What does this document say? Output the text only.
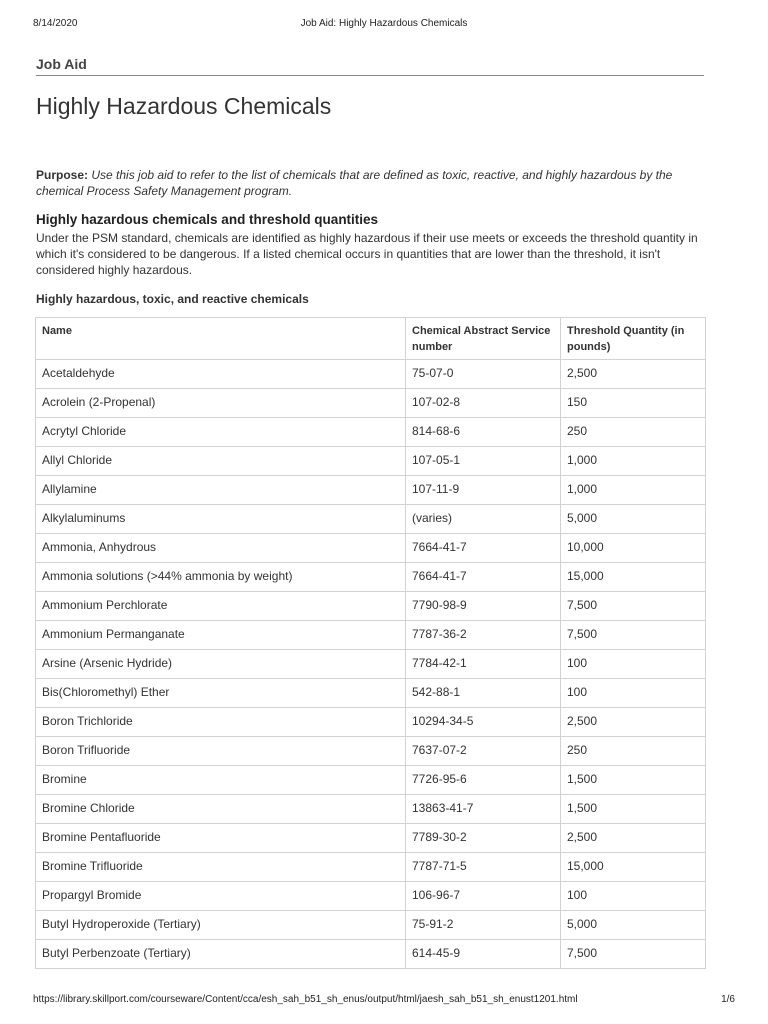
8/14/2020	Job Aid: Highly Hazardous Chemicals
Job Aid
Highly Hazardous Chemicals

Purpose: Use this job aid to refer to the list of chemicals that are defined as toxic, reactive, and highly hazardous by the chemical Process Safety Management program.

Highly hazardous chemicals and threshold quantities

Under the PSM standard, chemicals are identified as highly hazardous if their use meets or exceeds the threshold quantity in which it's considered to be dangerous. If a listed chemical occurs in quantities that are lower than the threshold, it isn't considered highly hazardous.

Highly hazardous, toxic, and reactive chemicals
Name	Chemical Abstract Service number	Threshold Quantity (in pounds)
Acetaldehyde	75-07-0	2,500
Acrolein (2-Propenal)	107-02-8	150
Acrytyl Chloride	814-68-6	250
Allyl Chloride	107-05-1	1,000
Allylamine	107-11-9	1,000
Alkylaluminums	(varies)	5,000
Ammonia, Anhydrous	7664-41-7	10,000
Ammonia solutions (>44% ammonia by weight)	7664-41-7	15,000
Ammonium Perchlorate	7790-98-9	7,500
Ammonium Permanganate	7787-36-2	7,500
Arsine (Arsenic Hydride)	7784-42-1	100
Bis(Chloromethyl) Ether	542-88-1	100
Boron Trichloride	10294-34-5	2,500
Boron Trifluoride	7637-07-2	250
Bromine	7726-95-6	1,500
Bromine Chloride	13863-41-7	1,500
Bromine Pentafluoride	7789-30-2	2,500
Bromine Trifluoride	7787-71-5	15,000
Propargyl Bromide	106-96-7	100
Butyl Hydroperoxide (Tertiary)	75-91-2	5,000
Butyl Perbenzoate (Tertiary)	614-45-9	7,500
https://library.skillport.com/courseware/Content/cca/esh_sah_b51_sh_enus/output/html/jaesh_sah_b51_sh_enust1201.html	1/6
